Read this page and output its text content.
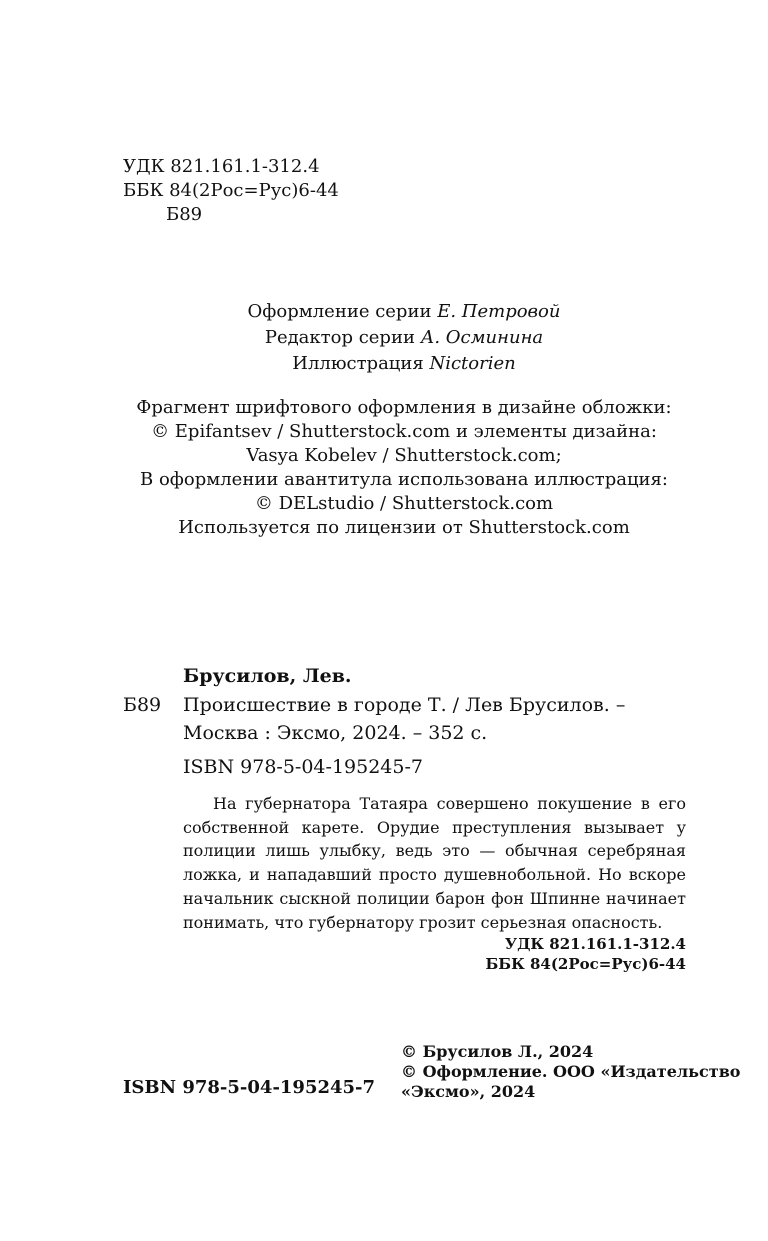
УДК 821.161.1-312.4
ББК 84(2Рос=Рус)6-44
Б89
Оформление серии Е. Петровой
Редактор серии А. Осминина
Иллюстрация Nictorien
Фрагмент шрифтового оформления в дизайне обложки:
© Epifantsev / Shutterstock.com и элементы дизайна:
Vasya Kobelev / Shutterstock.com;
В оформлении авантитула использована иллюстрация:
© DELstudio / Shutterstock.com
Используется по лицензии от Shutterstock.com
Брусилов, Лев.
Б89 Происшествие в городе Т. / Лев Брусилов. –
Москва : Эксмо, 2024. – 352 с.
ISBN 978-5-04-195245-7
На губернатора Татаяра совершено покушение в его собственной карете. Орудие преступления вызывает у полиции лишь улыбку, ведь это — обычная серебряная ложка, и нападавший просто душевнобольной. Но вскоре начальник сыскной полиции барон фон Шпинне начинает понимать, что губернатору грозит серьезная опасность.
УДК 821.161.1-312.4
ББК 84(2Рос=Рус)6-44
© Брусилов Л., 2024
© Оформление. ООО «Издательство
«Эксмо», 2024
ISBN 978-5-04-195245-7
